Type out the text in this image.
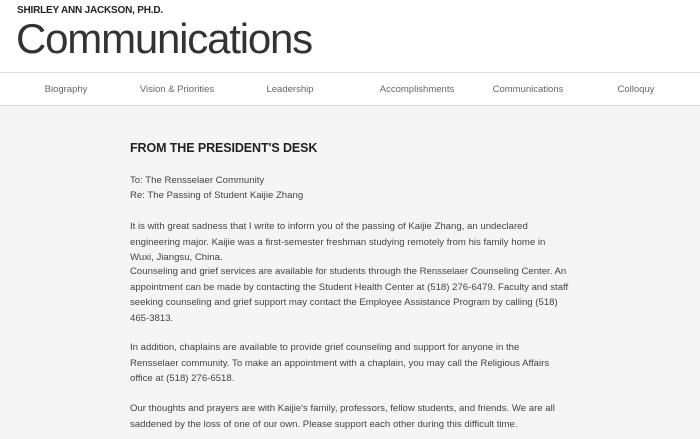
SHIRLEY ANN JACKSON, PH.D.
Communications
Biography	Vision & Priorities	Leadership	Accomplishments	Communications	Colloquy
FROM THE PRESIDENT'S DESK

To: The Rensselaer Community

Re: The Passing of Student Kaijie Zhang

It is with great sadness that I write to inform you of the passing of Kaijie Zhang, an undeclared engineering major. Kaijie was a first-semester freshman studying remotely from his family home in Wuxi, Jiangsu, China.

Counseling and grief services are available for students through the Rensselaer Counseling Center. An appointment can be made by contacting the Student Health Center at (518) 276-6479. Faculty and staff seeking counseling and grief support may contact the Employee Assistance Program by calling (518) 465-3813.

In addition, chaplains are available to provide grief counseling and support for anyone in the Rensselaer community. To make an appointment with a chaplain, you may call the Religious Affairs office at (518) 276-6518.

Our thoughts and prayers are with Kaijie's family, professors, fellow students, and friends. We are all saddened by the loss of one of our own. Please support each other during this difficult time.
